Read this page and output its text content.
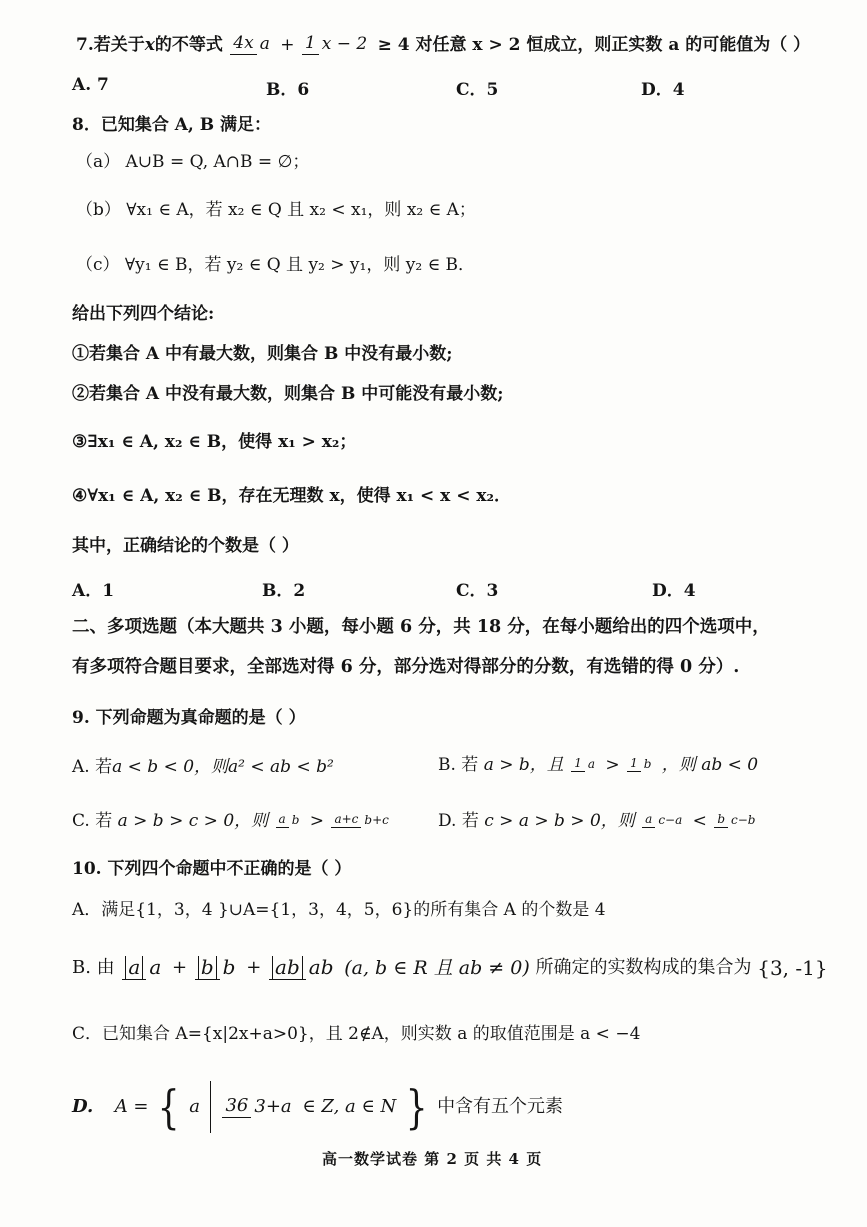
7.若关于x的不等式 4x a + 1 x − 2 ≥ 4 对任意 x > 2 恒成立，则正实数 a 的可能值为（ ）
A. 7	B．6	C．5	D．4
8．已知集合 A, B 满足：
（a） A∪B = Q, A∩B = ∅；
（b） ∀x₁ ∈ A，若 x₂ ∈ Q 且 x₂ < x₁，则 x₂ ∈ A；
（c） ∀y₁ ∈ B，若 y₂ ∈ Q 且 y₂ > y₁，则 y₂ ∈ B．
给出下列四个结论:
①若集合 A 中有最大数，则集合 B 中没有最小数;
②若集合 A 中没有最大数，则集合 B 中可能没有最小数;
③∃x₁ ∈ A, x₂ ∈ B，使得 x₁ > x₂；
④∀x₁ ∈ A, x₂ ∈ B，存在无理数 x，使得 x₁ < x < x₂．
其中，正确结论的个数是（ ）
A．1	B．2	C．3	D．4
二、多项选题（本大题共 3 小题，每小题 6 分，共 18 分，在每小题给出的四个选项中，
有多项符合题目要求，全部选对得 6 分，部分选对得部分的分数，有选错的得 0 分）.
9. 下列命题为真命题的是（ ）
A. 若a < b < 0，则a² < ab < b²	B. 若 a > b，且 1 a > 1 b ，则 ab < 0
C. 若 a > b > c > 0，则 a b > a+c b+c	D. 若 c > a > b > 0，则 a c−a < b c−b
10. 下列四个命题中不正确的是（ ）
A．满足{1，3，4 }∪A={1，3，4，5，6}的所有集合 A 的个数是 4
B. 由 a a + b b + ab ab (a, b ∈ R 且 ab ≠ 0) 所确定的实数构成的集合为 {3, -1}
C．已知集合 A={x|2x+a>0}，且 2∉A，则实数 a 的取值范围是 a < −4
D. A = { a 36 3+a ∈ Z, a ∈ N } 中含有五个元素
高一数学试卷 第 2 页 共 4 页
